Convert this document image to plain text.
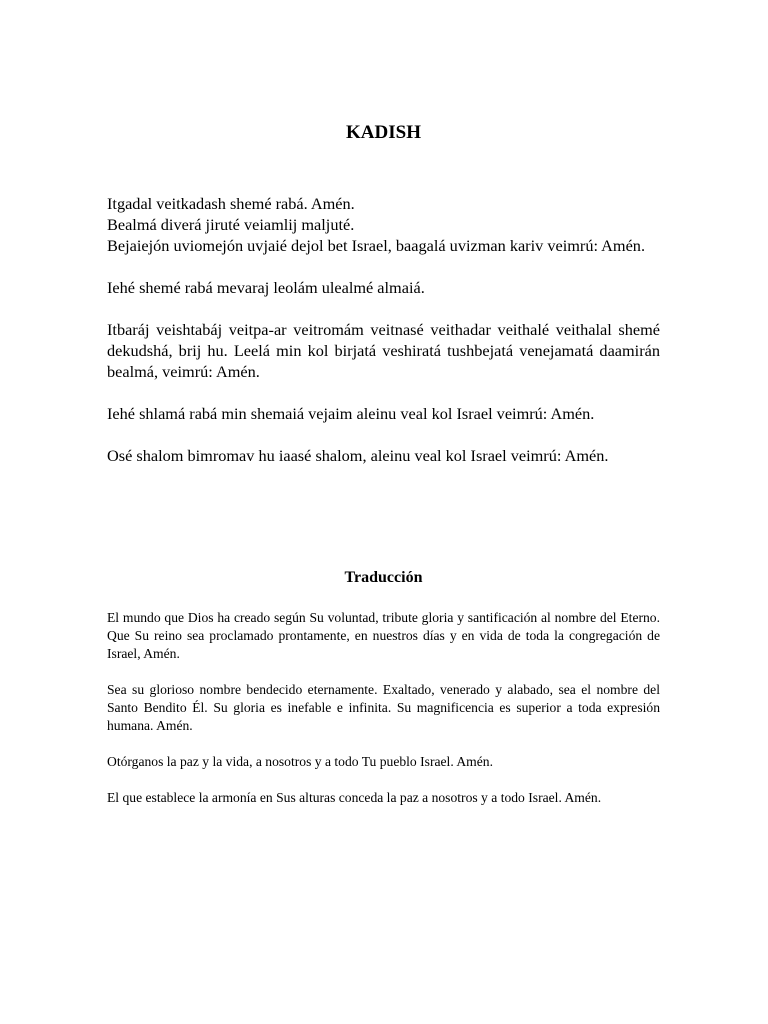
KADISH

Itgadal veitkadash shemé rabá. Amén.
Bealmá diverá jiruté veiamlij maljuté.
Bejaiejón uviomejón uvjaié dejol bet Israel, baagalá uvizman kariv veimrú: Amén.

Iehé shemé rabá mevaraj leolám ulealmé almaiá.

Itbaráj veishtabáj veitpa-ar veitromám veitnasé veithadar veithalé veithalal shemé dekudshá, brij hu. Leelá min kol birjatá veshiratá tushbejatá venejamatá daamirán bealmá, veimrú: Amén.

Iehé shlamá rabá min shemaiá vejaim aleinu veal kol Israel veimrú: Amén.

Osé shalom bimromav hu iaasé shalom, aleinu veal kol Israel veimrú: Amén.

Traducción

El mundo que Dios ha creado según Su voluntad, tribute gloria y santificación al nombre del Eterno. Que Su reino sea proclamado prontamente, en nuestros días y en vida de toda la congregación de Israel, Amén.

Sea su glorioso nombre bendecido eternamente. Exaltado, venerado y alabado, sea el nombre del Santo Bendito Él. Su gloria es inefable e infinita. Su magnificencia es superior a toda expresión humana. Amén.

Otórganos la paz y la vida, a nosotros y a todo Tu pueblo Israel. Amén.

El que establece la armonía en Sus alturas conceda la paz a nosotros y a todo Israel. Amén.
